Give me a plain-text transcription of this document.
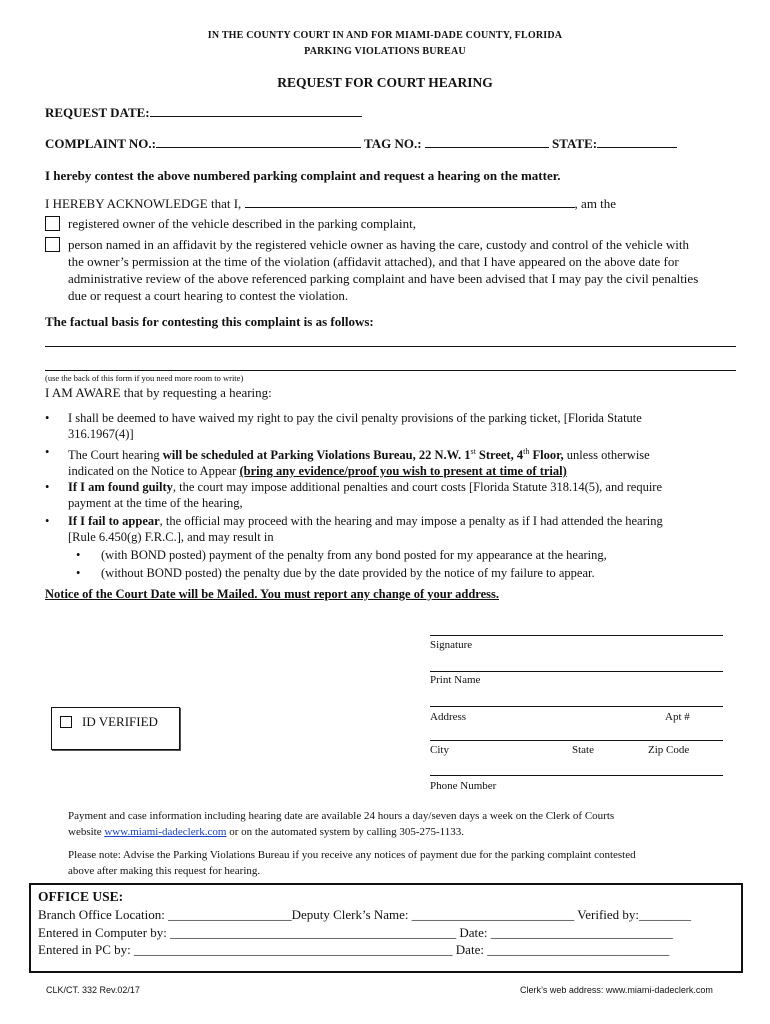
IN THE COUNTY COURT IN AND FOR MIAMI-DADE COUNTY, FLORIDA
PARKING VIOLATIONS BUREAU
REQUEST FOR COURT HEARING
REQUEST DATE:
COMPLAINT NO.:	TAG NO.:	STATE:
I hereby contest the above numbered parking complaint and request a hearing on the matter.
I HEREBY ACKNOWLEDGE that I,	, am the
registered owner of the vehicle described in the parking complaint,
person named in an affidavit by the registered vehicle owner as having the care, custody and control of the vehicle with
the owner’s permission at the time of the violation (affidavit attached), and that I have appeared on the above date for
administrative review of the above referenced parking complaint and have been advised that I may pay the civil penalties
due or request a court hearing to contest the violation.
The factual basis for contesting this complaint is as follows:
(use the back of this form if you need more room to write)
I AM AWARE that by requesting a hearing:
• I shall be deemed to have waived my right to pay the civil penalty provisions of the parking ticket, [Florida Statute
316.1967(4)]
• The Court hearing will be scheduled at Parking Violations Bureau, 22 N.W. 1st Street, 4th Floor, unless otherwise
indicated on the Notice to Appear (bring any evidence/proof you wish to present at time of trial)
• If I am found guilty, the court may impose additional penalties and court costs [Florida Statute 318.14(5), and require
payment at the time of the hearing,
• If I fail to appear, the official may proceed with the hearing and may impose a penalty as if I had attended the hearing
[Rule 6.450(g) F.R.C.], and may result in
• (with BOND posted) payment of the penalty from any bond posted for my appearance at the hearing,
• (without BOND posted) the penalty due by the date provided by the notice of my failure to appear.
Notice of the Court Date will be Mailed. You must report any change of your address.
Signature
Print Name
Address	Apt #
City	State	Zip Code
Phone Number
ID VERIFIED
Payment and case information including hearing date are available 24 hours a day/seven days a week on the Clerk of Courts
website www.miami-dadeclerk.com or on the automated system by calling 305-275-1133.
Please note: Advise the Parking Violations Bureau if you receive any notices of payment due for the parking complaint contested
above after making this request for hearing.
OFFICE USE:
Branch Office Location: ___________________Deputy Clerk’s Name: _________________________ Verified by:________
Entered in Computer by: ____________________________________________ Date: ____________________________
Entered in PC by: _________________________________________________ Date: ____________________________
CLK/CT. 332 Rev.02/17	Clerk’s web address: www.miami-dadeclerk.com
